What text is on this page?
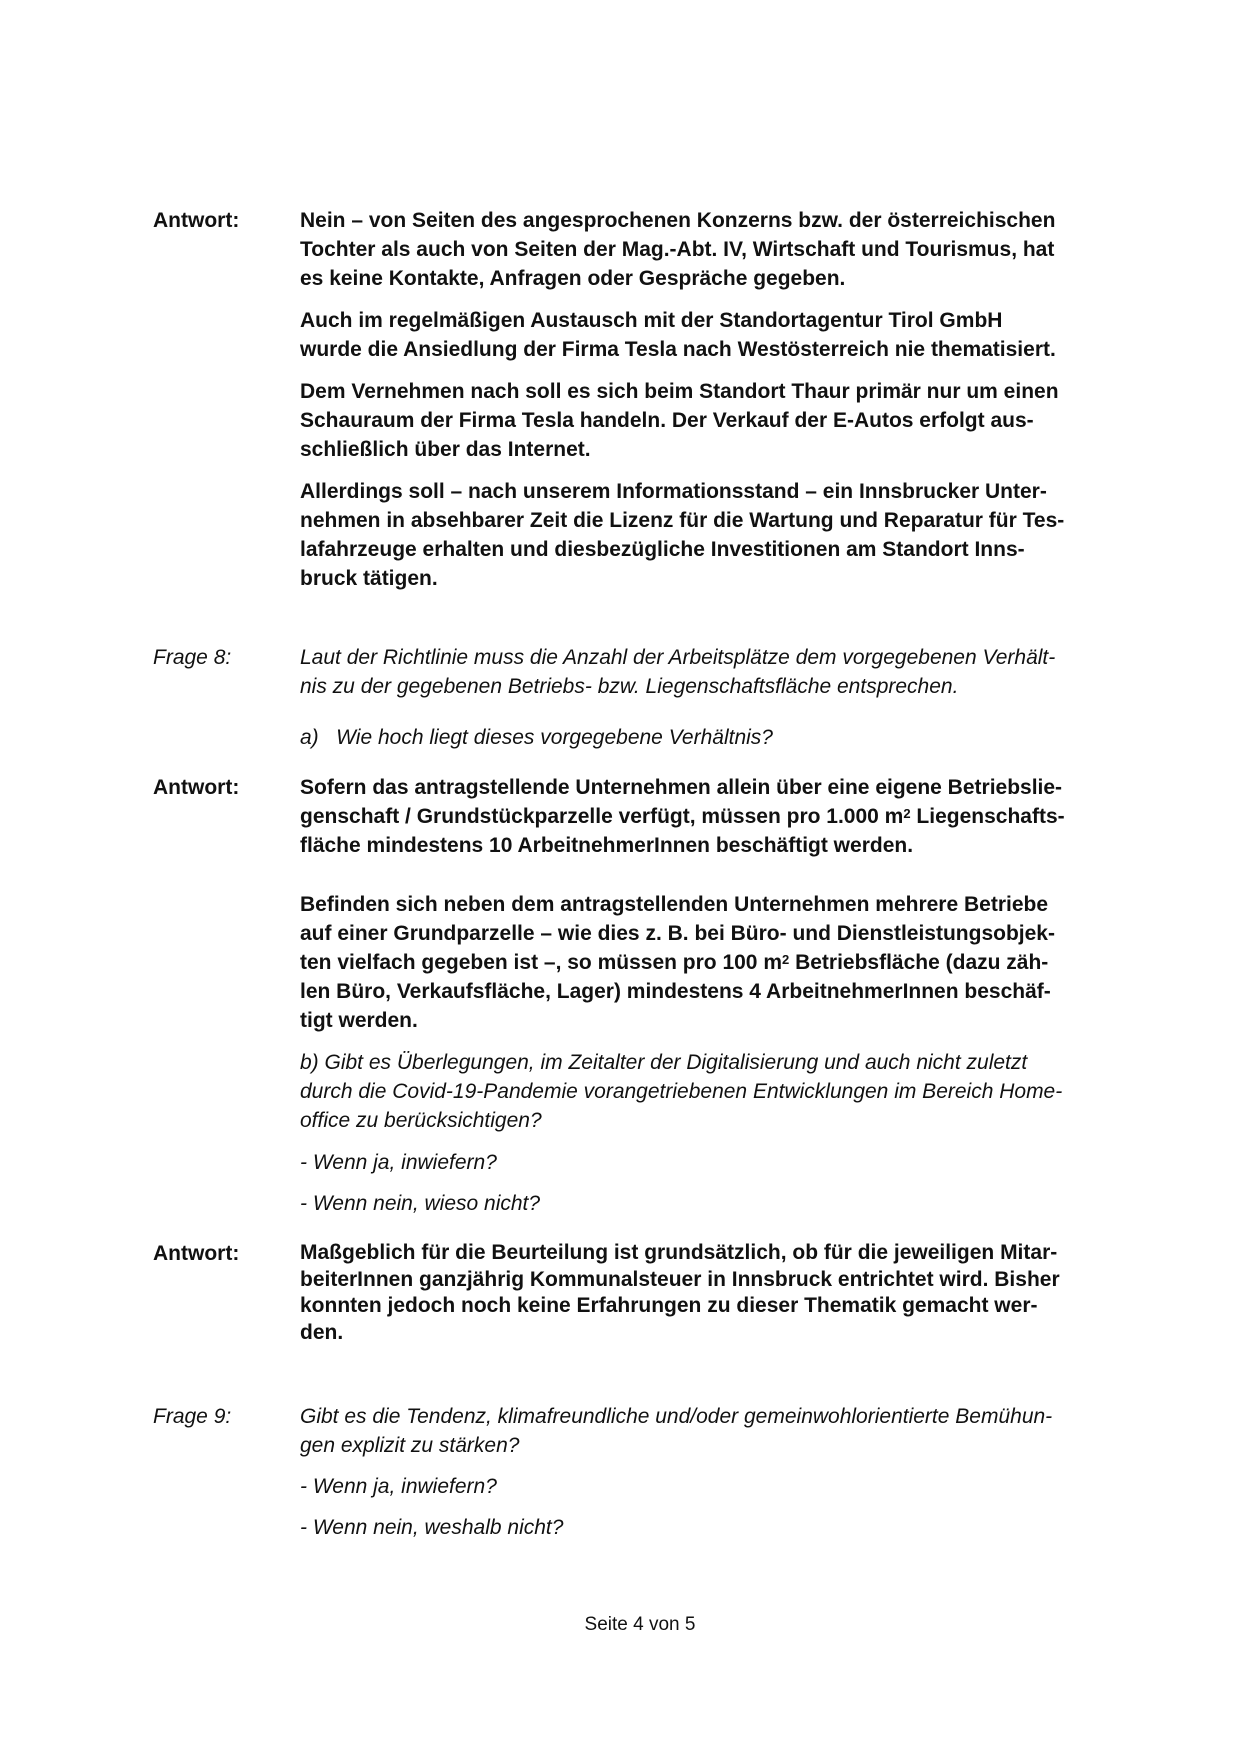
Antwort:	Nein – von Seiten des angesprochenen Konzerns bzw. der österreichischen
Tochter als auch von Seiten der Mag.-Abt. IV, Wirtschaft und Tourismus, hat
es keine Kontakte, Anfragen oder Gespräche gegeben.
Auch im regelmäßigen Austausch mit der Standortagentur Tirol GmbH
wurde die Ansiedlung der Firma Tesla nach Westösterreich nie thematisiert.
Dem Vernehmen nach soll es sich beim Standort Thaur primär nur um einen
Schauraum der Firma Tesla handeln. Der Verkauf der E-Autos erfolgt aus-
schließlich über das Internet.
Allerdings soll – nach unserem Informationsstand – ein Innsbrucker Unter-
nehmen in absehbarer Zeit die Lizenz für die Wartung und Reparatur für Tes-
lafahrzeuge erhalten und diesbezügliche Investitionen am Standort Inns-
bruck tätigen.
Frage 8:	Laut der Richtlinie muss die Anzahl der Arbeitsplätze dem vorgegebenen Verhält-
nis zu der gegebenen Betriebs- bzw. Liegenschaftsfläche entsprechen.
a)   Wie hoch liegt dieses vorgegebene Verhältnis?
Antwort:	Sofern das antragstellende Unternehmen allein über eine eigene Betriebslie-
genschaft / Grundstückparzelle verfügt, müssen pro 1.000 $m^2$ Liegenschafts-
fläche mindestens 10 ArbeitnehmerInnen beschäftigt werden.
Befinden sich neben dem antragstellenden Unternehmen mehrere Betriebe
auf einer Grundparzelle – wie dies z. B. bei Büro- und Dienstleistungsobjek-
ten vielfach gegeben ist –, so müssen pro 100 $m^2$ Betriebsfläche (dazu zäh-
len Büro, Verkaufsfläche, Lager) mindestens 4 ArbeitnehmerInnen beschäf-
tigt werden.
b) Gibt es Überlegungen, im Zeitalter der Digitalisierung und auch nicht zuletzt
durch die Covid-19-Pandemie vorangetriebenen Entwicklungen im Bereich Home-
office zu berücksichtigen?
- Wenn ja, inwiefern?
- Wenn nein, wieso nicht?
Antwort:	Maßgeblich für die Beurteilung ist grundsätzlich, ob für die jeweiligen Mitar-
beiterInnen ganzjährig Kommunalsteuer in Innsbruck entrichtet wird. Bisher
konnten jedoch noch keine Erfahrungen zu dieser Thematik gemacht wer-
den.
Frage 9:	Gibt es die Tendenz, klimafreundliche und/oder gemeinwohlorientierte Bemühun-
gen explizit zu stärken?
- Wenn ja, inwiefern?
- Wenn nein, weshalb nicht?
Seite 4 von 5
